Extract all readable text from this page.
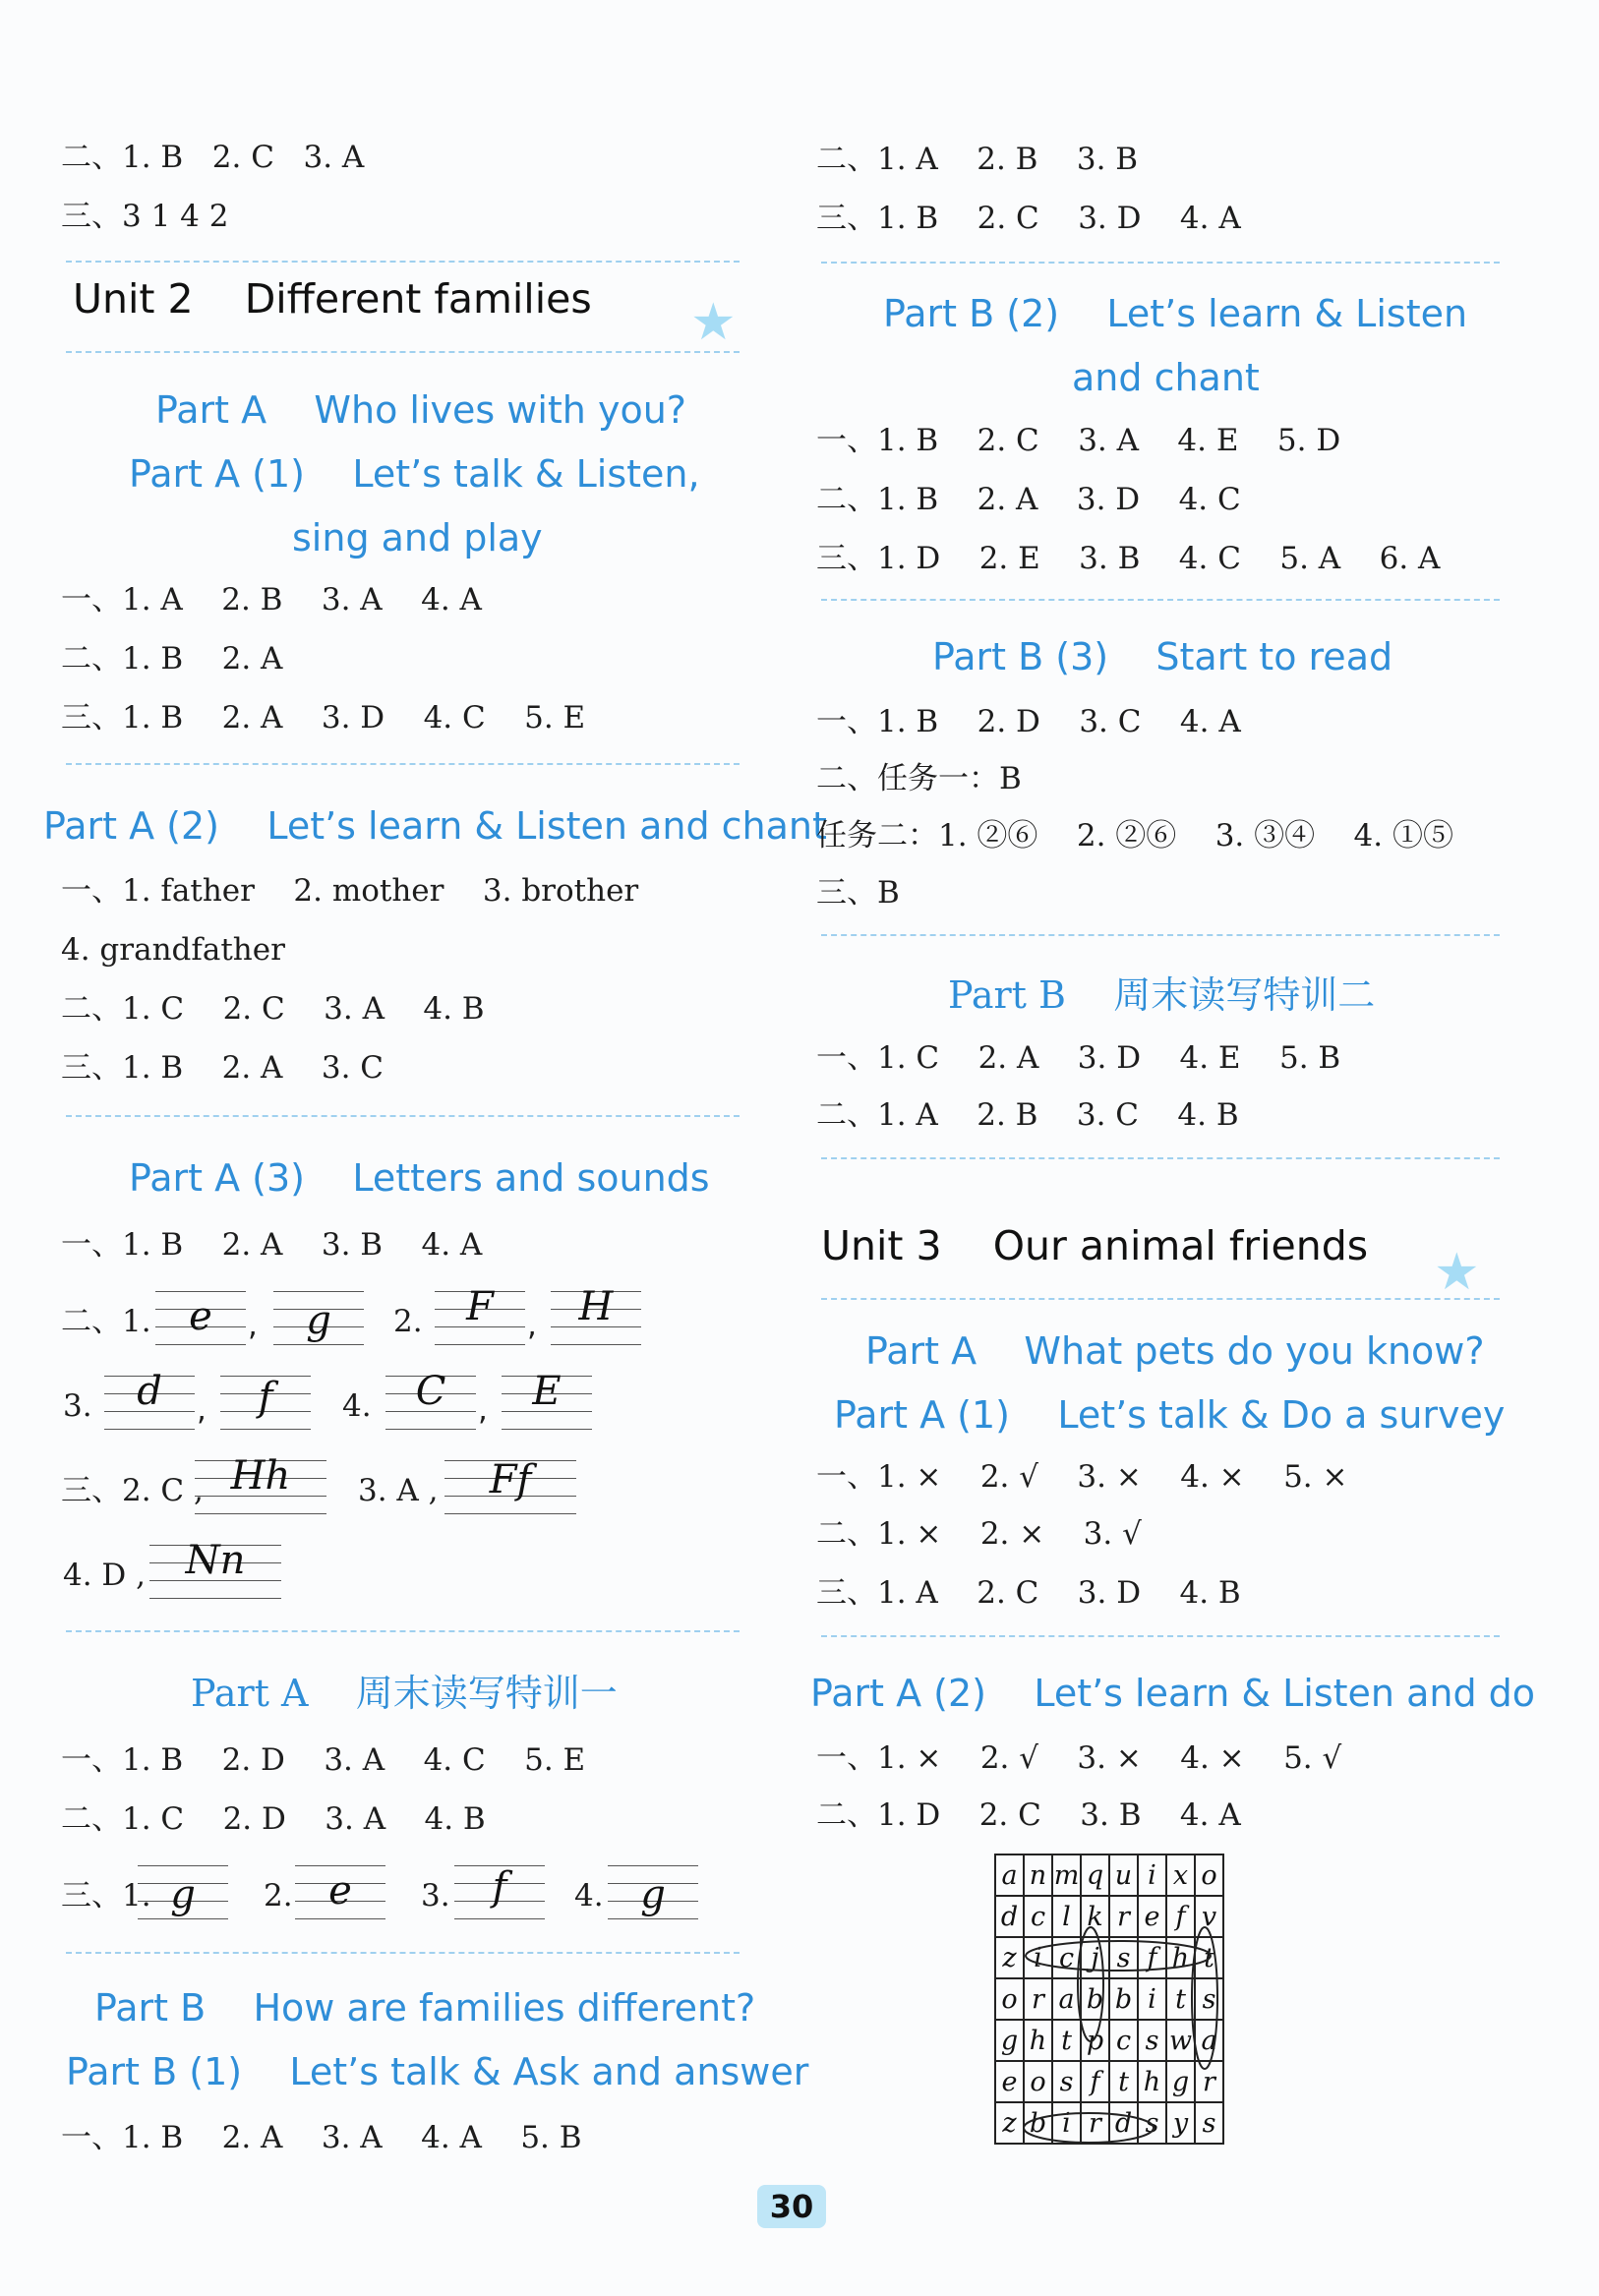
二、1. B   2. C   3. A
三、3 1 4 2
Unit 2    Different families ★
Part A    Who lives with you?
Part A (1)    Let’s talk & Listen,
sing and play
一、1. A    2. B    3. A    4. A
二、1. B    2. A
三、1. B    2. A    3. D    4. C    5. E
Part A (2)    Let’s learn & Listen and chant
一、1. father    2. mother    3. brother
4. grandfather
二、1. C    2. C    3. A    4. B
三、1. B    2. A    3. C
Part A (3)    Letters and sounds
一、1. B    2. A    3. B    4. A
二、1. e	,	g	2.	F	,	H
3.	d	,	f	4.	C	,	E
三、2. C , Hh	3. A ,	Ff
4. D ,	Nn
Part A    周末读写特训一
一、1. B    2. D    3. A    4. C    5. E
二、1. C    2. D    3. A    4. B
三、1. g	2. e	3.	f	4. g
Part B    How are families different?
Part B (1)    Let’s talk & Ask and answer
一、1. B    2. A    3. A    4. A    5. B
二、1. A    2. B    3. B
三、1. B    2. C    3. D    4. A
Part B (2)    Let’s learn & Listen
and chant
一、1. B    2. C    3. A    4. E    5. D
二、1. B    2. A    3. D    4. C
三、1. D    2. E    3. B    4. C    5. A    6. A
Part B (3)    Start to read
一、1. B    2. D    3. C    4. A
二、任务一：B
任务二：1. ②⑥    2. ②⑥    3. ③④    4. ①⑤
三、B
Part B    周末读写特训二
一、1. C    2. A    3. D    4. E    5. B
二、1. A    2. B    3. C    4. B
Unit 3    Our animal friends ★
Part A    What pets do you know?
Part A (1)    Let’s talk & Do a survey
一、1. ×    2. √    3. ×    4. ×    5. ×
二、1. ×    2. ×    3. √
三、1. A    2. C    3. D    4. B
Part A (2)    Let’s learn & Listen and do
一、1. ×    2. √    3. ×    4. ×    5. √
二、1. D    2. C    3. B    4. A
a	n	m	q	u	i	x	o
d	c	l	k	r	e	f	v
z	i	c	j	s	f	h	t
o	r	a	b	b	i	t	s
g	h	t	p	c	s	w	a
e	o	s	f	t	h	g	r
z	b	i	r	d	s	y	s
30
